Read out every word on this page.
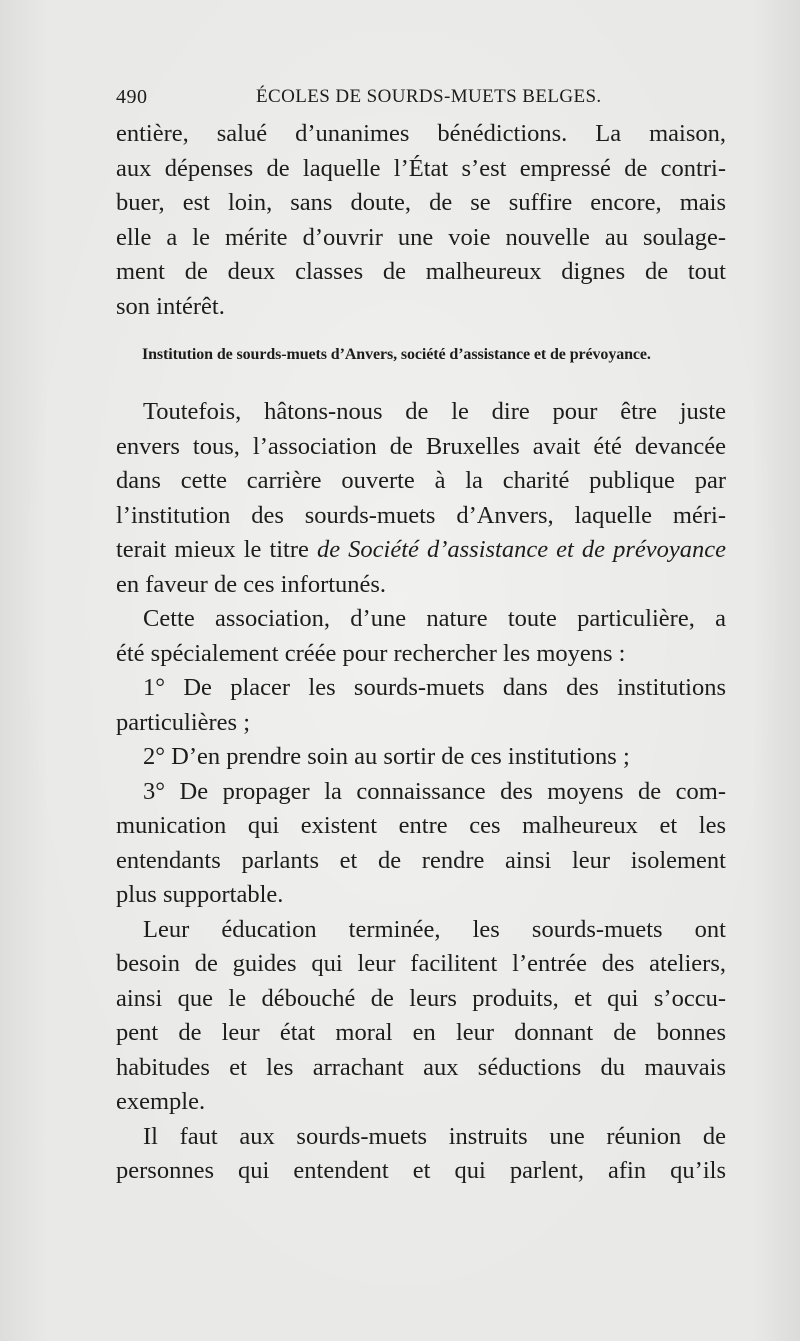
490	ÉCOLES DE SOURDS-MUETS BELGES.
entière, salué d’unanimes bénédictions. La maison,
aux dépenses de laquelle l’État s’est empressé de contri-
buer, est loin, sans doute, de se suffire encore, mais
elle a le mérite d’ouvrir une voie nouvelle au soulage-
ment de deux classes de malheureux dignes de tout
son intérêt.
Institution de sourds-muets d’Anvers, société d’assistance et de prévoyance.
Toutefois, hâtons-nous de le dire pour être juste
envers tous, l’association de Bruxelles avait été devancée
dans cette carrière ouverte à la charité publique par
l’institution des sourds-muets d’Anvers, laquelle méri-
terait mieux le titre de Société d’assistance et de prévoyance
en faveur de ces infortunés.
Cette association, d’une nature toute particulière, a
été spécialement créée pour rechercher les moyens :
1° De placer les sourds-muets dans des institutions
particulières ;
2° D’en prendre soin au sortir de ces institutions ;
3° De propager la connaissance des moyens de com-
munication qui existent entre ces malheureux et les
entendants parlants et de rendre ainsi leur isolement
plus supportable.
Leur éducation terminée, les sourds-muets ont
besoin de guides qui leur facilitent l’entrée des ateliers,
ainsi que le débouché de leurs produits, et qui s’occu-
pent de leur état moral en leur donnant de bonnes
habitudes et les arrachant aux séductions du mauvais
exemple.
Il faut aux sourds-muets instruits une réunion de
personnes qui entendent et qui parlent, afin qu’ils
